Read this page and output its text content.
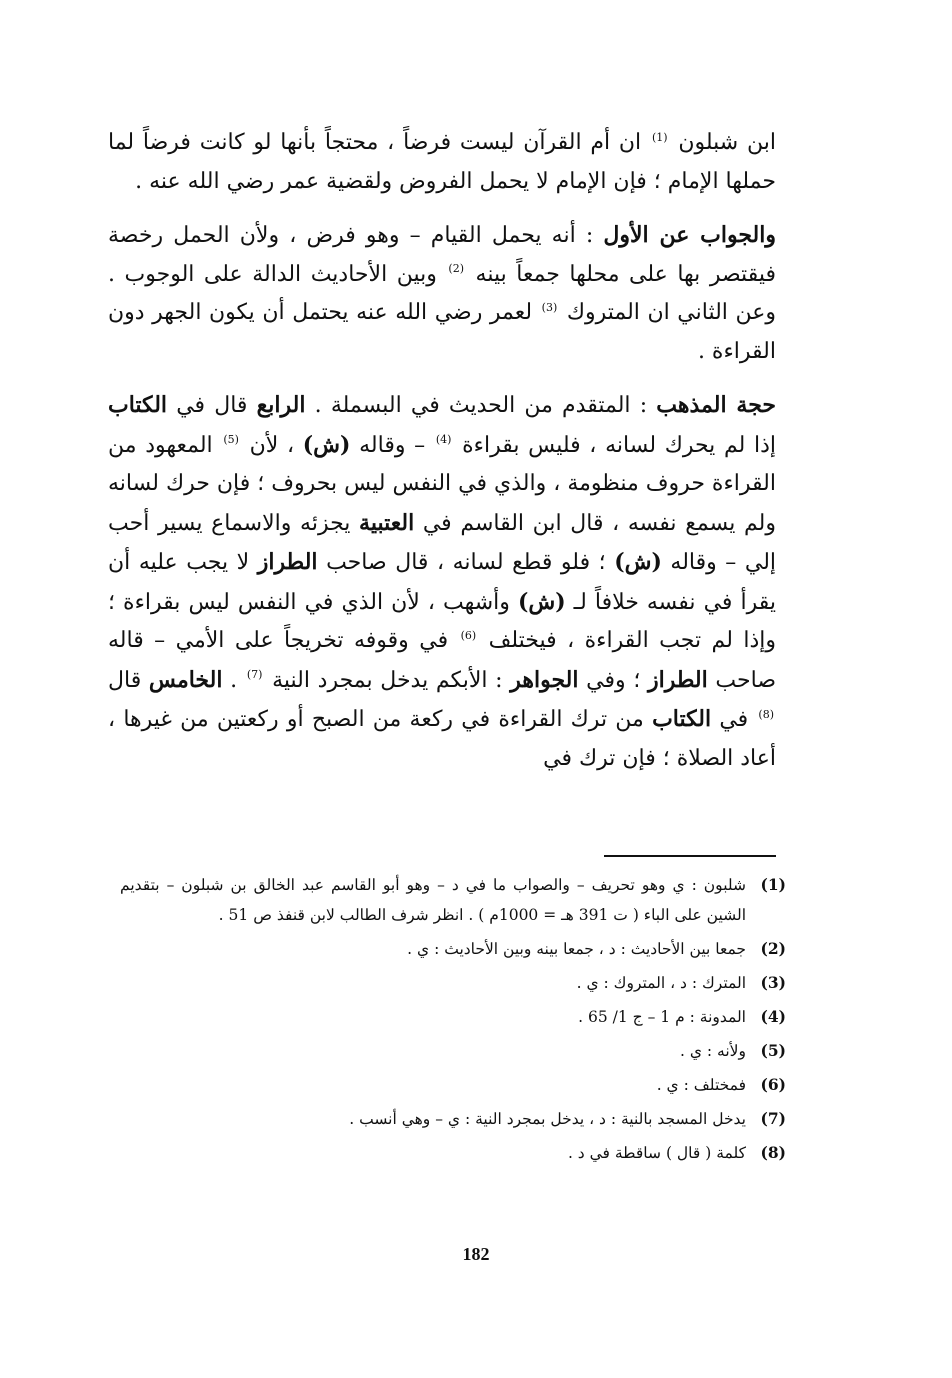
ابن شبلون $^{(1)}$ ان أم القرآن ليست فرضاً ، محتجاً بأنها لو كانت فرضاً لما حملها الإمام ؛ فإن الإمام لا يحمل الفروض ولقضية عمر رضي الله عنه .

والجواب عن الأول : أنه يحمل القيام – وهو فرض ، ولأن الحمل رخصة فيقتصر بها على محلها جمعاً بينه $^{(2)}$ وبين الأحاديث الدالة على الوجوب . وعن الثاني ان المتروك $^{(3)}$ لعمر رضي الله عنه يحتمل أن يكون الجهر دون القراءة .

حجة المذهب : المتقدم من الحديث في البسملة . الرابع قال في الكتاب إذا لم يحرك لسانه ، فليس بقراءة $^{(4)}$ – وقاله (ش) ، لأن $^{(5)}$ المعهود من القراءة حروف منظومة ، والذي في النفس ليس بحروف ؛ فإن حرك لسانه ولم يسمع نفسه ، قال ابن القاسم في العتبية يجزئه والاسماع يسير أحب إلي – وقاله (ش) ؛ فلو قطع لسانه ، قال صاحب الطراز لا يجب عليه أن يقرأ في نفسه خلافاً لـ (ش) وأشهب ، لأن الذي في النفس ليس بقراءة ؛ وإذا لم تجب القراءة ، فيختلف $^{(6)}$ في وقوفه تخريجاً على الأمي – قاله صاحب الطراز ؛ وفي الجواهر : الأبكم يدخل بمجرد النية $^{(7)}$ . الخامس قال $^{(8)}$ في الكتاب من ترك القراءة في ركعة من الصبح أو ركعتين من غيرها ، أعاد الصلاة ؛ فإن ترك في

(1)
شلبون : ي وهو تحريف – والصواب ما في د – وهو أبو القاسم عبد الخالق بن شبلون – بتقديم الشين على الباء ( ت 391 هـ = 1000م ) . انظر شرف الطالب لابن قنفذ ص 51 .
(2)
جمعا بين الأحاديث : د ، جمعا بينه وبين الأحاديث : ي .
(3)
المترك : د ، المتروك : ي .
(4)
المدونة : م 1 – ج 1/ 65 .
(5)
ولأنه : ي .
(6)
فمختلف : ي .
(7)
يدخل المسجد بالنية : د ، يدخل بمجرد النية : ي – وهي أنسب .
(8)
كلمة ( قال ) ساقطة في د .
182
